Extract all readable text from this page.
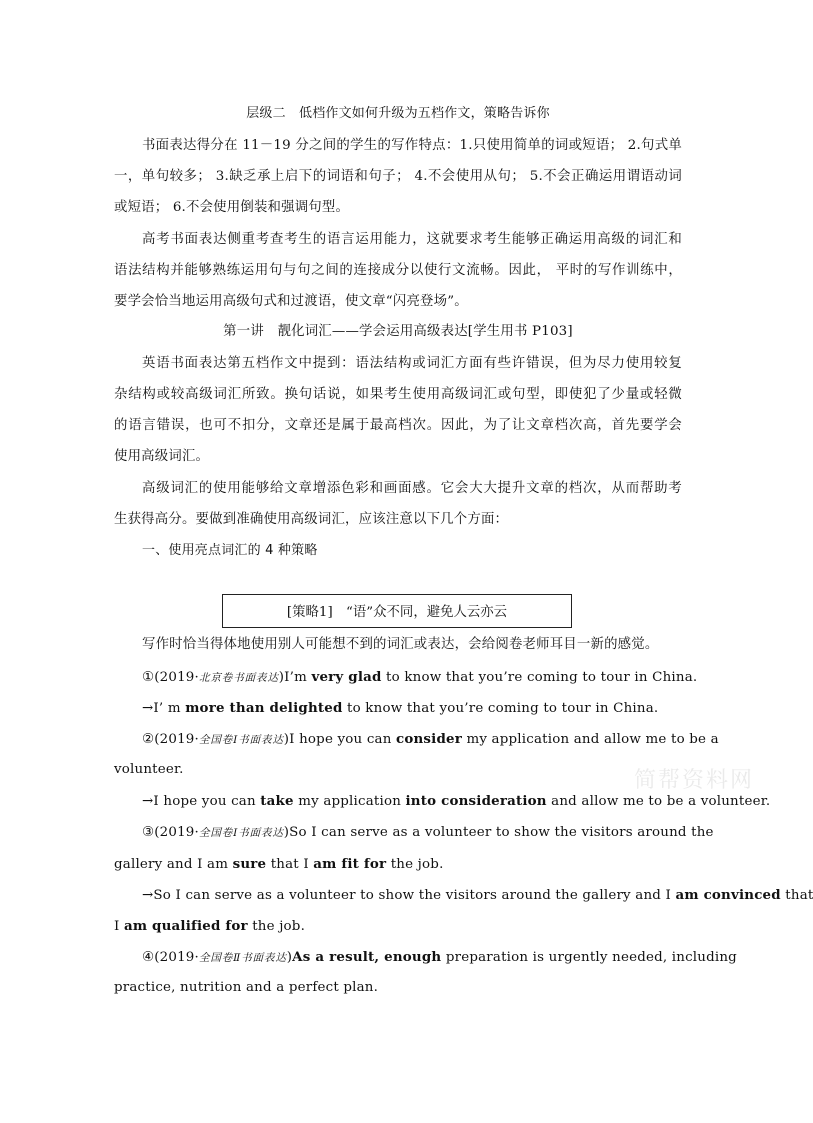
层级二　低档作文如何升级为五档作文，策略告诉你
书面表达得分在 11－19 分之间的学生的写作特点：1.只使用简单的词或短语； 2.句式单
一，单句较多； 3.缺乏承上启下的词语和句子； 4.不会使用从句； 5.不会正确运用谓语动词
或短语； 6.不会使用倒装和强调句型。
高考书面表达侧重考查考生的语言运用能力，这就要求考生能够正确运用高级的词汇和
语法结构并能够熟练运用句与句之间的连接成分以使行文流畅。因此， 平时的写作训练中，
要学会恰当地运用高级句式和过渡语，使文章“闪亮登场”。
第一讲　靓化词汇——学会运用高级表达[学生用书 P103]
英语书面表达第五档作文中提到：语法结构或词汇方面有些许错误，但为尽力使用较复
杂结构或较高级词汇所致。换句话说，如果考生使用高级词汇或句型，即使犯了少量或轻微
的语言错误，也可不扣分，文章还是属于最高档次。因此，为了让文章档次高，首先要学会
使用高级词汇。
高级词汇的使用能够给文章增添色彩和画面感。它会大大提升文章的档次，从而帮助考
生获得高分。要做到准确使用高级词汇，应该注意以下几个方面：
一、使用亮点词汇的 4 种策略
[策略1]　“语”众不同，避免人云亦云
写作时恰当得体地使用别人可能想不到的词汇或表达，会给阅卷老师耳目一新的感觉。
①(2019·北京卷书面表达)I’m very glad to know that you’re coming to tour in China.
→I’ m more than delighted to know that you’re coming to tour in China.
②(2019·全国卷Ⅰ书面表达)I hope you can consider my application and allow me to be a
volunteer.
→I hope you can take my application into consideration and allow me to be a volunteer.
③(2019·全国卷Ⅰ书面表达)So I can serve as a volunteer to show the visitors around the
gallery and I am sure that I am fit for the job.
→So I can serve as a volunteer to show the visitors around the gallery and I am convinced that
I am qualified for the job.
④(2019·全国卷Ⅱ书面表达)As a result, enough preparation is urgently needed, including
practice, nutrition and a perfect plan.
简帮资料网
